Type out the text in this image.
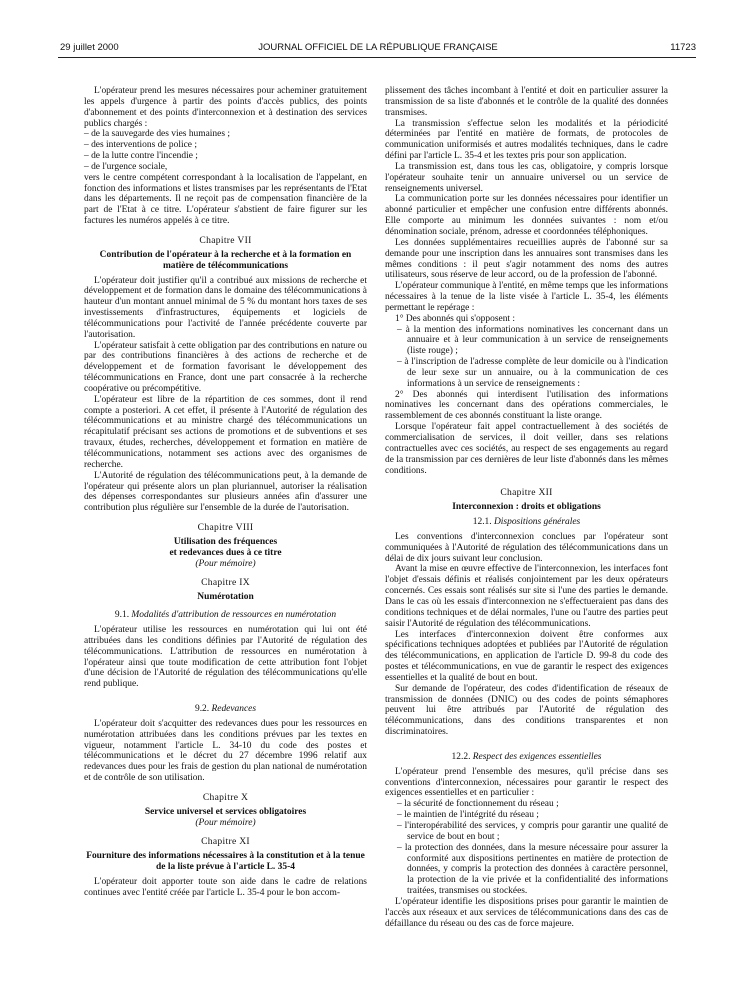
29 juillet 2000	JOURNAL OFFICIEL DE LA RÉPUBLIQUE FRANÇAISE	11723

L'opérateur prend les mesures nécessaires pour acheminer gratuitement les appels d'urgence à partir des points d'accès publics, des points d'abonnement et des points d'interconnexion et à destination des services publics chargés :

– de la sauvegarde des vies humaines ;
– des interventions de police ;
– de la lutte contre l'incendie ;
– de l'urgence sociale,

vers le centre compétent correspondant à la localisation de l'appelant, en fonction des informations et listes transmises par les représentants de l'Etat dans les départements. Il ne reçoit pas de compensation financière de la part de l'Etat à ce titre. L'opérateur s'abstient de faire figurer sur les factures les numéros appelés à ce titre.

Chapitre VII
Contribution de l'opérateur à la recherche et à la formation en matière de télécommunications

L'opérateur doit justifier qu'il a contribué aux missions de recherche et développement et de formation dans le domaine des télécommunications à hauteur d'un montant annuel minimal de 5 % du montant hors taxes de ses investissements d'infrastructures, équipements et logiciels de télécommunications pour l'activité de l'année précédente couverte par l'autorisation.

L'opérateur satisfait à cette obligation par des contributions en nature ou par des contributions financières à des actions de recherche et de développement et de formation favorisant le développement des télécommunications en France, dont une part consacrée à la recherche coopérative ou précompétitive.

L'opérateur est libre de la répartition de ces sommes, dont il rend compte a posteriori. A cet effet, il présente à l'Autorité de régulation des télécommunications et au ministre chargé des télécommunications un récapitulatif précisant ses actions de promotions et de subventions et ses travaux, études, recherches, développement et formation en matière de télécommunications, notamment ses actions avec des organismes de recherche.

L'Autorité de régulation des télécommunications peut, à la demande de l'opérateur qui présente alors un plan pluriannuel, autoriser la réalisation des dépenses correspondantes sur plusieurs années afin d'assurer une contribution plus régulière sur l'ensemble de la durée de l'autorisation.

Chapitre VIII
Utilisation des fréquences
et redevances dues à ce titre
(Pour mémoire)
Chapitre IX
Numérotation
9.1. Modalités d'attribution de ressources en numérotation

L'opérateur utilise les ressources en numérotation qui lui ont été attribuées dans les conditions définies par l'Autorité de régulation des télécommunications. L'attribution de ressources en numérotation à l'opérateur ainsi que toute modification de cette attribution font l'objet d'une décision de l'Autorité de régulation des télécommunications qu'elle rend publique.

9.2. Redevances

L'opérateur doit s'acquitter des redevances dues pour les ressources en numérotation attribuées dans les conditions prévues par les textes en vigueur, notamment l'article L. 34-10 du code des postes et télécommunications et le décret du 27 décembre 1996 relatif aux redevances dues pour les frais de gestion du plan national de numérotation et de contrôle de son utilisation.

Chapitre X
Service universel et services obligatoires
(Pour mémoire)
Chapitre XI
Fourniture des informations nécessaires à la constitution et à la tenue de la liste prévue à l'article L. 35-4

L'opérateur doit apporter toute son aide dans le cadre de relations continues avec l'entité créée par l'article L. 35-4 pour le bon accom-

plissement des tâches incombant à l'entité et doit en particulier assurer la transmission de sa liste d'abonnés et le contrôle de la qualité des données transmises.

La transmission s'effectue selon les modalités et la périodicité déterminées par l'entité en matière de formats, de protocoles de communication uniformisés et autres modalités techniques, dans le cadre défini par l'article L. 35-4 et les textes pris pour son application.

La transmission est, dans tous les cas, obligatoire, y compris lorsque l'opérateur souhaite tenir un annuaire universel ou un service de renseignements universel.

La communication porte sur les données nécessaires pour identifier un abonné particulier et empêcher une confusion entre différents abonnés. Elle comporte au minimum les données suivantes : nom et/ou dénomination sociale, prénom, adresse et coordonnées téléphoniques.

Les données supplémentaires recueillies auprès de l'abonné sur sa demande pour une inscription dans les annuaires sont transmises dans les mêmes conditions : il peut s'agir notamment des noms des autres utilisateurs, sous réserve de leur accord, ou de la profession de l'abonné.

L'opérateur communique à l'entité, en même temps que les informations nécessaires à la tenue de la liste visée à l'article L. 35-4, les éléments permettant le repérage :

1° Des abonnés qui s'opposent :

– à la mention des informations nominatives les concernant dans un annuaire et à leur communication à un service de renseignements (liste rouge) ;
– à l'inscription de l'adresse complète de leur domicile ou à l'indication de leur sexe sur un annuaire, ou à la communication de ces informations à un service de renseignements :

2° Des abonnés qui interdisent l'utilisation des informations nominatives les concernant dans des opérations commerciales, le rassemblement de ces abonnés constituant la liste orange.

Lorsque l'opérateur fait appel contractuellement à des sociétés de commercialisation de services, il doit veiller, dans ses relations contractuelles avec ces sociétés, au respect de ses engagements au regard de la transmission par ces dernières de leur liste d'abonnés dans les mêmes conditions.

Chapitre XII
Interconnexion : droits et obligations
12.1. Dispositions générales

Les conventions d'interconnexion conclues par l'opérateur sont communiquées à l'Autorité de régulation des télécommunications dans un délai de dix jours suivant leur conclusion.

Avant la mise en œuvre effective de l'interconnexion, les interfaces font l'objet d'essais définis et réalisés conjointement par les deux opérateurs concernés. Ces essais sont réalisés sur site si l'une des parties le demande. Dans le cas où les essais d'interconnexion ne s'effectueraient pas dans des conditions techniques et de délai normales, l'une ou l'autre des parties peut saisir l'Autorité de régulation des télécommunications.

Les interfaces d'interconnexion doivent être conformes aux spécifications techniques adoptées et publiées par l'Autorité de régulation des télécommunications, en application de l'article D. 99-8 du code des postes et télécommunications, en vue de garantir le respect des exigences essentielles et la qualité de bout en bout.

Sur demande de l'opérateur, des codes d'identification de réseaux de transmission de données (DNIC) ou des codes de points sémaphores peuvent lui être attribués par l'Autorité de régulation des télécommunications, dans des conditions transparentes et non discriminatoires.

12.2. Respect des exigences essentielles

L'opérateur prend l'ensemble des mesures, qu'il précise dans ses conventions d'interconnexion, nécessaires pour garantir le respect des exigences essentielles et en particulier :

– la sécurité de fonctionnement du réseau ;
– le maintien de l'intégrité du réseau ;
– l'interopérabilité des services, y compris pour garantir une qualité de service de bout en bout ;
– la protection des données, dans la mesure nécessaire pour assurer la conformité aux dispositions pertinentes en matière de protection de données, y compris la protection des données à caractère personnel, la protection de la vie privée et la confidentialité des informations traitées, transmises ou stockées.

L'opérateur identifie les dispositions prises pour garantir le maintien de l'accès aux réseaux et aux services de télécommunications dans des cas de défaillance du réseau ou des cas de force majeure.
